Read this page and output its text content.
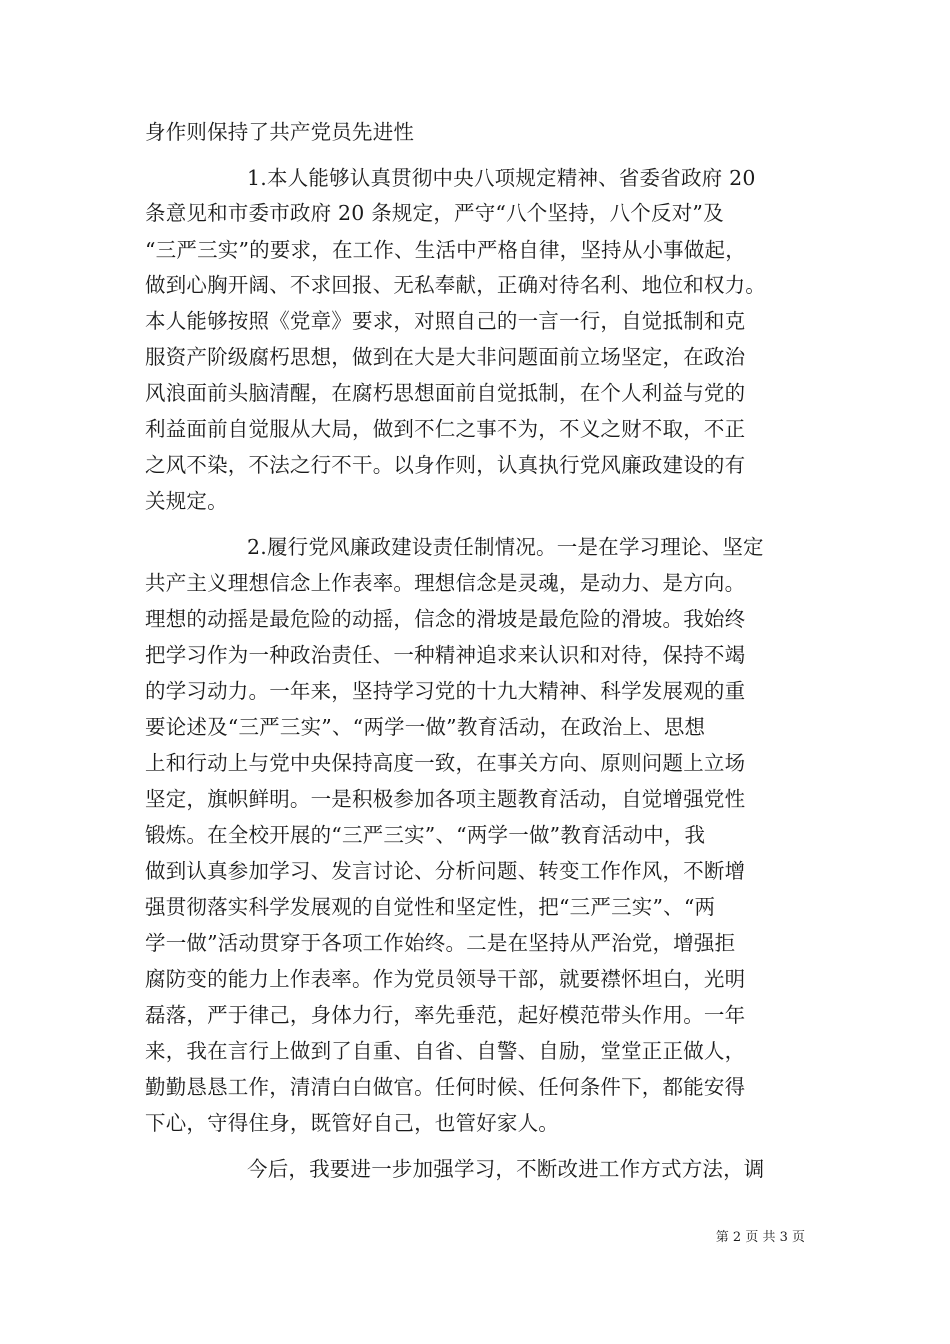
身作则保持了共产党员先进性

1.本人能够认真贯彻中央八项规定精神、省委省政府 20

条意见和市委市政府 20 条规定，严守“八个坚持，八个反对”及

“三严三实”的要求，在工作、生活中严格自律，坚持从小事做起，

做到心胸开阔、不求回报、无私奉献，正确对待名利、地位和权力。

本人能够按照《党章》要求，对照自己的一言一行，自觉抵制和克

服资产阶级腐朽思想，做到在大是大非问题面前立场坚定，在政治

风浪面前头脑清醒，在腐朽思想面前自觉抵制，在个人利益与党的

利益面前自觉服从大局，做到不仁之事不为，不义之财不取，不正

之风不染，不法之行不干。以身作则，认真执行党风廉政建设的有

关规定。

2.履行党风廉政建设责任制情况。一是在学习理论、坚定

共产主义理想信念上作表率。理想信念是灵魂，是动力、是方向。

理想的动摇是最危险的动摇，信念的滑坡是最危险的滑坡。我始终

把学习作为一种政治责任、一种精神追求来认识和对待，保持不竭

的学习动力。一年来，坚持学习党的十九大精神、科学发展观的重

要论述及“三严三实”、“两学一做”教育活动，在政治上、思想

上和行动上与党中央保持高度一致，在事关方向、原则问题上立场

坚定，旗帜鲜明。一是积极参加各项主题教育活动，自觉增强党性

锻炼。在全校开展的“三严三实”、“两学一做”教育活动中，我

做到认真参加学习、发言讨论、分析问题、转变工作作风，不断增

强贯彻落实科学发展观的自觉性和坚定性，把“三严三实”、“两

学一做”活动贯穿于各项工作始终。二是在坚持从严治党，增强拒

腐防变的能力上作表率。作为党员领导干部，就要襟怀坦白，光明

磊落，严于律己，身体力行，率先垂范，起好模范带头作用。一年

来，我在言行上做到了自重、自省、自警、自励，堂堂正正做人，

勤勤恳恳工作，清清白白做官。任何时候、任何条件下，都能安得

下心，守得住身，既管好自己，也管好家人。

今后，我要进一步加强学习，不断改进工作方式方法，调

第 2 页 共 3 页
